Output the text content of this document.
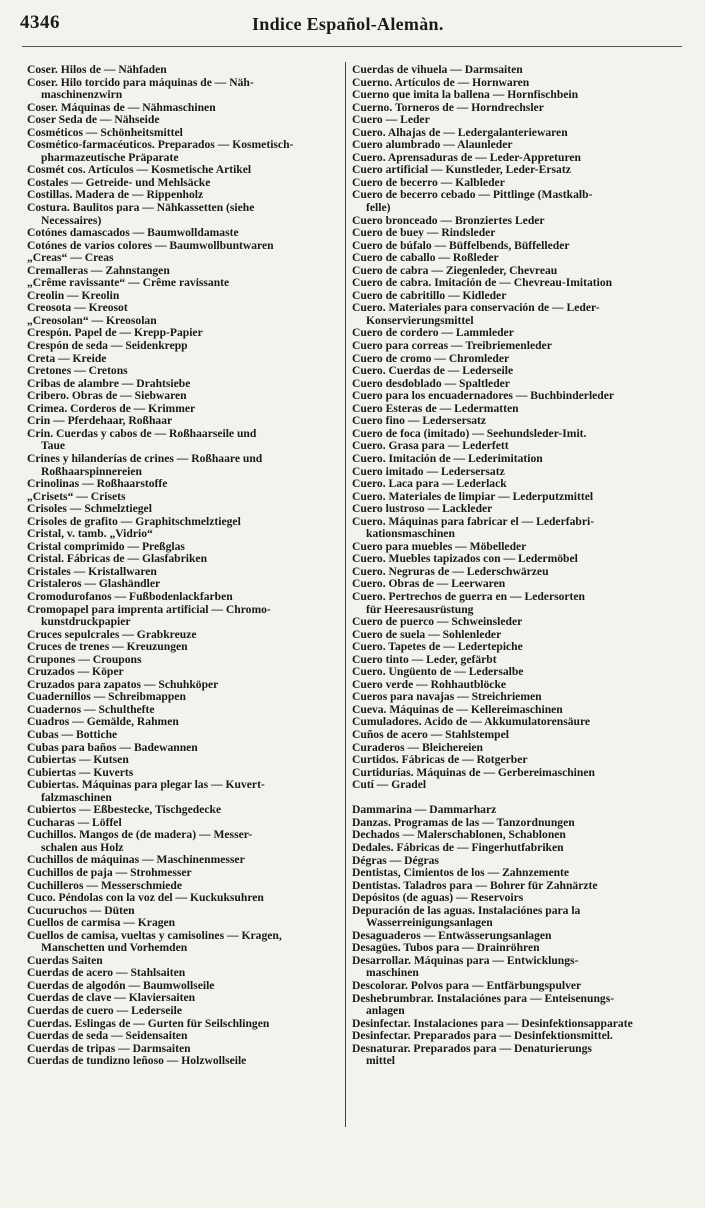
4346	Indice Español-Alemàn.
Coser. Hilos de — Nähfaden
Coser. Hilo torcido para máquinas de — Näh-
maschinenzwirn
Coser. Máquinas de — Nähmaschinen
Coser Seda de — Nähseide
Cosméticos — Schönheitsmittel
Cosmético-farmacéuticos. Preparados — Kosmetisch-
pharmazeutische Präparate
Cosmét cos. Artículos — Kosmetische Artikel
Costales — Getreide- und Mehlsäcke
Costillas. Madera de — Rippenholz
Costura. Baulitos para — Nähkassetten (siehe
Necessaires)
Cotónes damascados — Baumwolldamaste
Cotónes de varios colores — Baumwollbuntwaren
„Creas“ — Creas
Cremalleras — Zahnstangen
„Crême ravissante“ — Crême ravissante
Creolin — Kreolin
Creosota — Kreosot
„Creosolan“ — Kreosolan
Crespón. Papel de — Krepp-Papier
Crespón de seda — Seidenkrepp
Creta — Kreide
Cretones — Cretons
Cribas de alambre — Drahtsiebe
Cribero. Obras de — Siebwaren
Crimea. Corderos de — Krimmer
Crin — Pferdehaar, Roßhaar
Crin. Cuerdas y cabos de — Roßhaarseile und
Taue
Crines y hilanderías de crines — Roßhaare und
Roßhaarspinnereien
Crinolinas — Roßhaarstoffe
„Crisets“ — Crisets
Crisoles — Schmelztiegel
Crisoles de grafito — Graphitschmelztiegel
Cristal, v. tamb. „Vidrio“
Cristal comprimido — Preßglas
Cristal. Fábricas de — Glasfabriken
Cristales — Kristallwaren
Cristaleros — Glashändler
Cromodurofanos — Fußbodenlackfarben
Cromopapel para imprenta artificial — Chromo-
kunstdruckpapier
Cruces sepulcrales — Grabkreuze
Cruces de trenes — Kreuzungen
Crupones — Croupons
Cruzados — Köper
Cruzados para zapatos — Schuhköper
Cuadernillos — Schreibmappen
Cuadernos — Schulthefte
Cuadros — Gemälde, Rahmen
Cubas — Bottiche
Cubas para baños — Badewannen
Cubiertas — Kutsen
Cubiertas — Kuverts
Cubiertas. Máquinas para plegar las — Kuvert-
falzmaschinen
Cubiertos — Eßbestecke, Tischgedecke
Cucharas — Löffel
Cuchillos. Mangos de (de madera) — Messer-
schalen aus Holz
Cuchillos de máquinas — Maschinenmesser
Cuchillos de paja — Strohmesser
Cuchilleros — Messerschmiede
Cuco. Péndolas con la voz del — Kuckuksuhren
Cucuruchos — Düten
Cuellos de carmisa — Kragen
Cuellos de camisa, vueltas y camisolines — Kragen,
Manschetten und Vorhemden
Cuerdas Saiten
Cuerdas de acero — Stahlsaiten
Cuerdas de algodón — Baumwollseile
Cuerdas de clave — Klaviersaiten
Cuerdas de cuero — Lederseile
Cuerdas. Eslingas de — Gurten für Seilschlingen
Cuerdas de seda — Seidensaiten
Cuerdas de tripas — Darmsaiten
Cuerdas de tundizno leñoso — Holzwollseile
Cuerdas de vihuela — Darmsaiten
Cuerno. Artículos de — Hornwaren
Cuerno que imita la ballena — Hornfischbein
Cuerno. Torneros de — Horndrechsler
Cuero — Leder
Cuero. Alhajas de — Ledergalanteriewaren
Cuero alumbrado — Alaunleder
Cuero. Aprensaduras de — Leder-Appreturen
Cuero artificial — Kunstleder, Leder-Ersatz
Cuero de becerro — Kalbleder
Cuero de becerro cebado — Pittlinge (Mastkalb-
felle)
Cuero bronceado — Bronziertes Leder
Cuero de buey — Rindsleder
Cuero de búfalo — Büffelbends, Büffelleder
Cuero de caballo — Roßleder
Cuero de cabra — Ziegenleder, Chevreau
Cuero de cabra. Imitación de — Chevreau-Imitation
Cuero de cabritillo — Kidleder
Cuero. Materiales para conservación de — Leder-
Konservierungsmittel
Cuero de cordero — Lammleder
Cuero para correas — Treibriemenleder
Cuero de cromo — Chromleder
Cuero. Cuerdas de — Lederseile
Cuero desdoblado — Spaltleder
Cuero para los encuadernadores — Buchbinderleder
Cuero Esteras de — Ledermatten
Cuero fino — Ledersersatz
Cuero de foca (imitado) — Seehundsleder-Imit.
Cuero. Grasa para — Lederfett
Cuero. Imitación de — Lederimitation
Cuero imitado — Ledersersatz
Cuero. Laca para — Lederlack
Cuero. Materiales de limpiar — Lederputzmittel
Cuero lustroso — Lackleder
Cuero. Máquinas para fabricar el — Lederfabri-
kationsmaschinen
Cuero para muebles — Möbelleder
Cuero. Muebles tapizados con — Ledermöbel
Cuero. Negruras de — Lederschwärzeu
Cuero. Obras de — Leerwaren
Cuero. Pertrechos de guerra en — Ledersorten
für Heeresausrüstung
Cuero de puerco — Schweinsleder
Cuero de suela — Sohlenleder
Cuero. Tapetes de — Ledertepiche
Cuero tinto — Leder, gefärbt
Cuero. Ungüento de — Ledersalbe
Cuero verde — Rohhautblöcke
Cueros para navajas — Streichriemen
Cueva. Máquinas de — Kellereimaschinen
Cumuladores. Acido de — Akkumulatorensäure
Cuños de acero — Stahlstempel
Curaderos — Bleichereien
Curtidos. Fábricas de — Rotgerber
Curtidurías. Máquinas de — Gerbereimaschinen
Cutí — Gradel
Dammarina — Dammarharz
Danzas. Programas de las — Tanzordnungen
Dechados — Malerschablonen, Schablonen
Dedales. Fábricas de — Fingerhutfabriken
Dégras — Dégras
Dentistas, Cimientos de los — Zahnzemente
Dentistas. Taladros para — Bohrer für Zahnärzte
Depósitos (de aguas) — Reservoirs
Depuración de las aguas. Instalaciónes para la
Wasserreinigungsanlagen
Desaguaderos — Entwässerungsanlagen
Desagües. Tubos para — Drainröhren
Desarrollar. Máquinas para — Entwicklungs-
maschinen
Descolorar. Polvos para — Entfärbungspulver
Deshebrumbrar. Instalaciónes para — Enteisenungs-
anlagen
Desinfectar. Instalaciones para — Desinfektionsapparate
Desinfectar. Preparados para — Desinfektionsmittel.
Desnaturar. Preparados para — Denaturierungs
mittel
